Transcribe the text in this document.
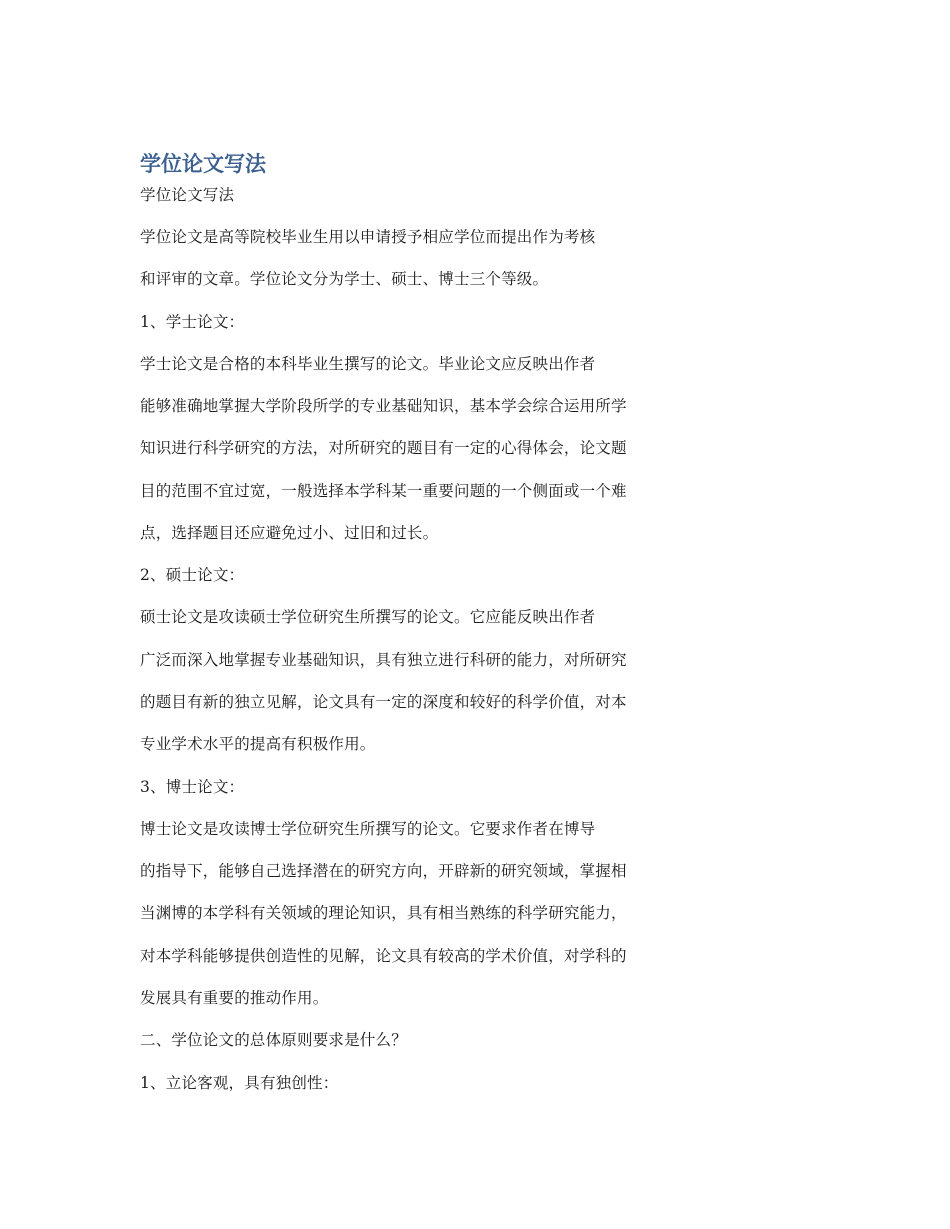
学位论文写法
学位论文写法
学位论文是高等院校毕业生用以申请授予相应学位而提出作为考核
和评审的文章。学位论文分为学士、硕士、博士三个等级。
1、学士论文：
学士论文是合格的本科毕业生撰写的论文。毕业论文应反映出作者
能够准确地掌握大学阶段所学的专业基础知识，基本学会综合运用所学
知识进行科学研究的方法，对所研究的题目有一定的心得体会，论文题
目的范围不宜过宽，一般选择本学科某一重要问题的一个侧面或一个难
点，选择题目还应避免过小、过旧和过长。
2、硕士论文：
硕士论文是攻读硕士学位研究生所撰写的论文。它应能反映出作者
广泛而深入地掌握专业基础知识，具有独立进行科研的能力，对所研究
的题目有新的独立见解，论文具有一定的深度和较好的科学价值，对本
专业学术水平的提高有积极作用。
3、博士论文：
博士论文是攻读博士学位研究生所撰写的论文。它要求作者在博导
的指导下，能够自己选择潜在的研究方向，开辟新的研究领域，掌握相
当渊博的本学科有关领域的理论知识，具有相当熟练的科学研究能力，
对本学科能够提供创造性的见解，论文具有较高的学术价值，对学科的
发展具有重要的推动作用。
二、学位论文的总体原则要求是什么？
1、立论客观，具有独创性：
